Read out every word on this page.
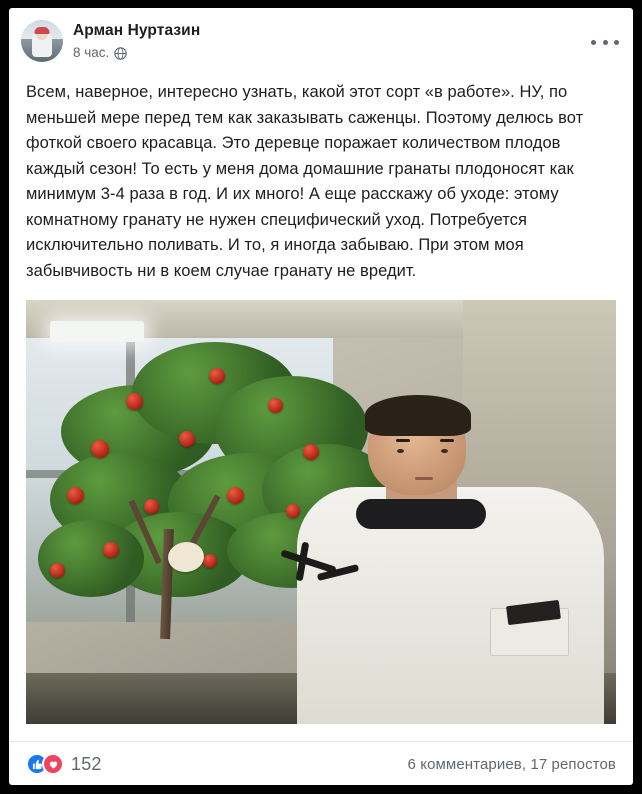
Арман Нуртазин
8 час.
Всем, наверное, интересно узнать, какой этот сорт «в работе». НУ, по меньшей мере перед тем как заказывать саженцы. Поэтому делюсь вот фоткой своего красавца. Это деревце поражает количеством плодов каждый сезон! То есть у меня дома домашние гранаты плодоносят как минимум 3-4 раза в год. И их много! А еще расскажу об уходе: этому комнатному гранату не нужен специфический уход. Потребуется исключительно поливать. И то, я иногда забываю. При этом моя забывчивость ни в коем случае гранату не вредит.
152	6 комментариев, 17 репостов
